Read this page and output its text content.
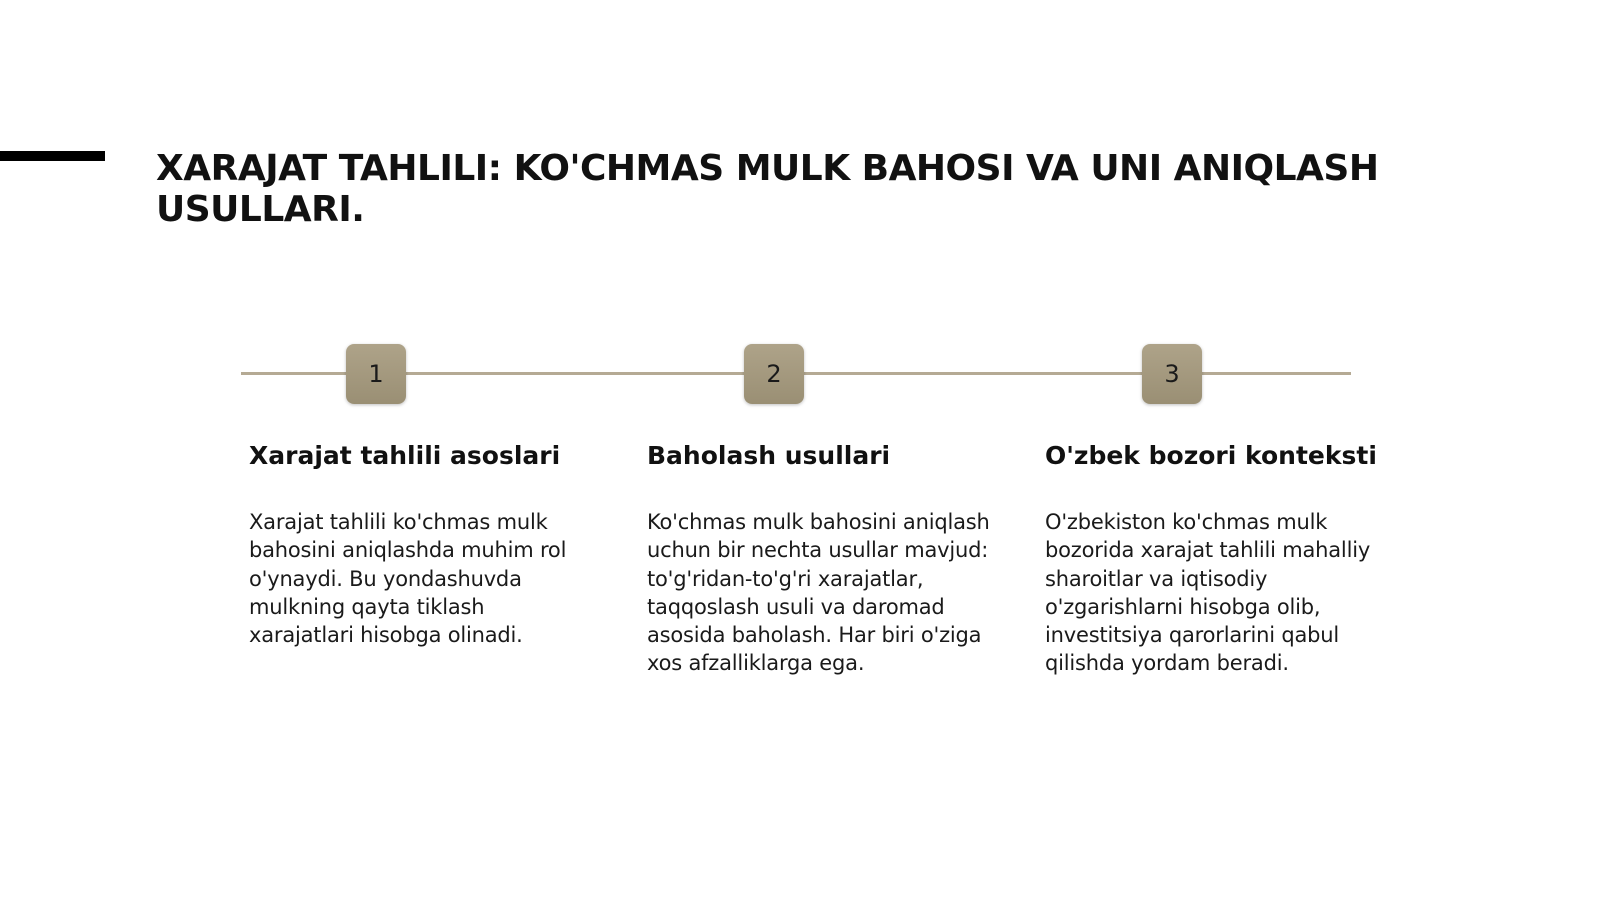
XARAJAT TAHLILI: KO'CHMAS MULK BAHOSI VA UNI ANIQLASH USULLARI.
1	2	3
Xarajat tahlili asoslari

Xarajat tahlili ko'chmas mulk bahosini aniqlashda muhim rol o'ynaydi. Bu yondashuvda mulkning qayta tiklash xarajatlari hisobga olinadi.

Baholash usullari

Ko'chmas mulk bahosini aniqlash uchun bir nechta usullar mavjud: to'g'ridan-to'g'ri xarajatlar, taqqoslash usuli va daromad asosida baholash. Har biri o'ziga xos afzalliklarga ega.

O'zbek bozori konteksti

O'zbekiston ko'chmas mulk bozorida xarajat tahlili mahalliy sharoitlar va iqtisodiy o'zgarishlarni hisobga olib, investitsiya qarorlarini qabul qilishda yordam beradi.
